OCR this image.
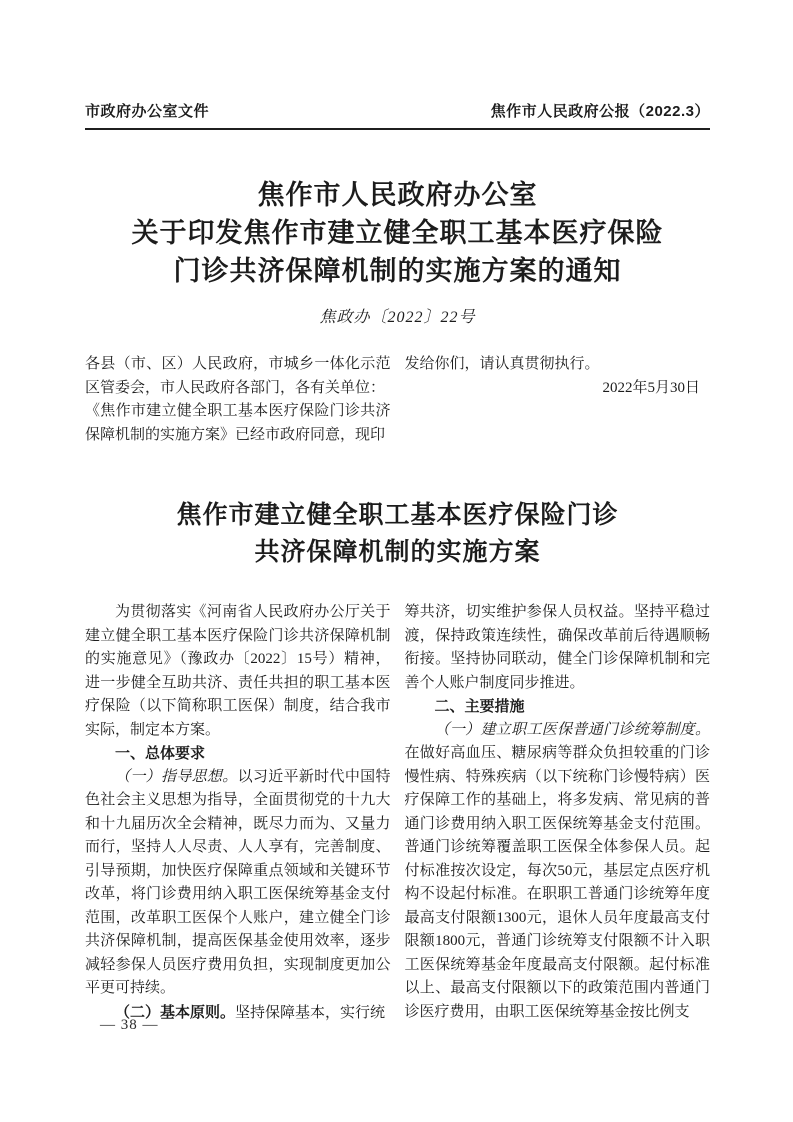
市政府办公室文件	焦作市人民政府公报（2022.3）
焦作市人民政府办公室
关于印发焦作市建立健全职工基本医疗保险
门诊共济保障机制的实施方案的通知
焦政办〔2022〕22号

各县（市、区）人民政府，市城乡一体化示范区管委会，市人民政府各部门，各有关单位：

《焦作市建立健全职工基本医疗保险门诊共济保障机制的实施方案》已经市政府同意，现印

发给你们，请认真贯彻执行。

2022年5月30日

焦作市建立健全职工基本医疗保险门诊
共济保障机制的实施方案

为贯彻落实《河南省人民政府办公厅关于建立健全职工基本医疗保险门诊共济保障机制的实施意见》（豫政办〔2022〕15号）精神，进一步健全互助共济、责任共担的职工基本医疗保险（以下简称职工医保）制度，结合我市实际，制定本方案。

一、总体要求

（一）指导思想。以习近平新时代中国特色社会主义思想为指导，全面贯彻党的十九大和十九届历次全会精神，既尽力而为、又量力而行，坚持人人尽责、人人享有，完善制度、引导预期，加快医疗保障重点领域和关键环节改革，将门诊费用纳入职工医保统筹基金支付范围，改革职工医保个人账户，建立健全门诊共济保障机制，提高医保基金使用效率，逐步减轻参保人员医疗费用负担，实现制度更加公平更可持续。

（二）基本原则。坚持保障基本，实行统

筹共济，切实维护参保人员权益。坚持平稳过渡，保持政策连续性，确保改革前后待遇顺畅衔接。坚持协同联动，健全门诊保障机制和完善个人账户制度同步推进。

二、主要措施

（一）建立职工医保普通门诊统筹制度。在做好高血压、糖尿病等群众负担较重的门诊慢性病、特殊疾病（以下统称门诊慢特病）医疗保障工作的基础上，将多发病、常见病的普通门诊费用纳入职工医保统筹基金支付范围。普通门诊统筹覆盖职工医保全体参保人员。起付标准按次设定，每次50元，基层定点医疗机构不设起付标准。在职职工普通门诊统筹年度最高支付限额1300元，退休人员年度最高支付限额1800元，普通门诊统筹支付限额不计入职工医保统筹基金年度最高支付限额。起付标准以上、最高支付限额以下的政策范围内普通门诊医疗费用，由职工医保统筹基金按比例支

— 38 —
